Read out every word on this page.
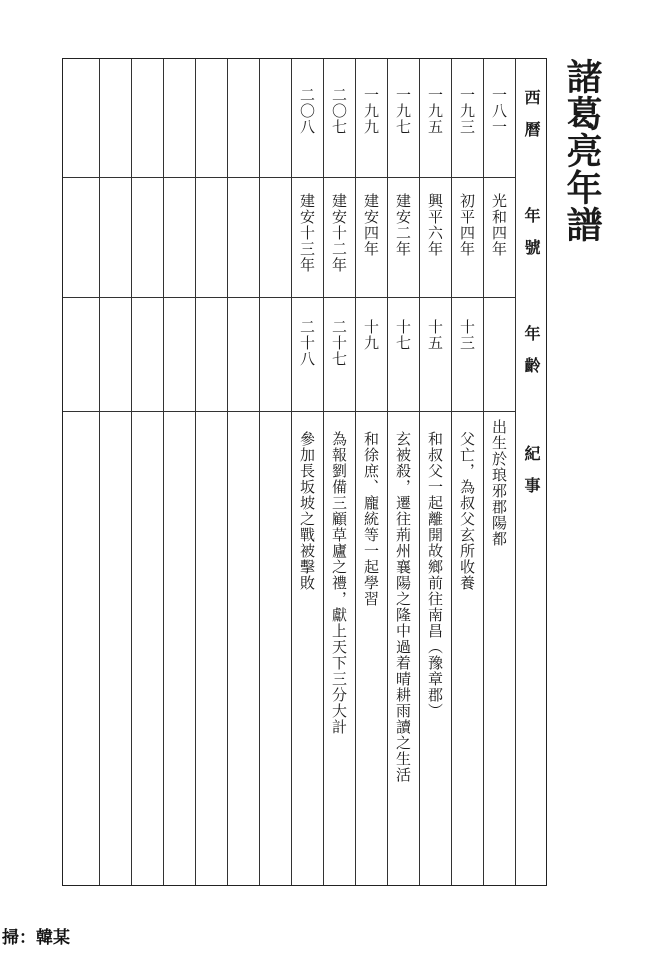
諸葛亮年譜
西　曆
年　號
年　齡
紀　事
一八一
光和四年
出生於琅邪郡陽都
一九三
初平四年
十三
父亡，為叔父玄所收養
一九五
興平六年
十五
和叔父一起離開故鄉前往南昌（豫章郡）
一九七
建安二年
十七
玄被殺，遷往荊州襄陽之隆中過着晴耕雨讀之生活
一九九
建安四年
十九
和徐庶、龐統等一起學習
二〇七
建安十二年
二十七
為報劉備三顧草廬之禮，獻上天下三分大計
二〇八
建安十三年
二十八
參加長坂坡之戰被擊敗
掃：韓某
